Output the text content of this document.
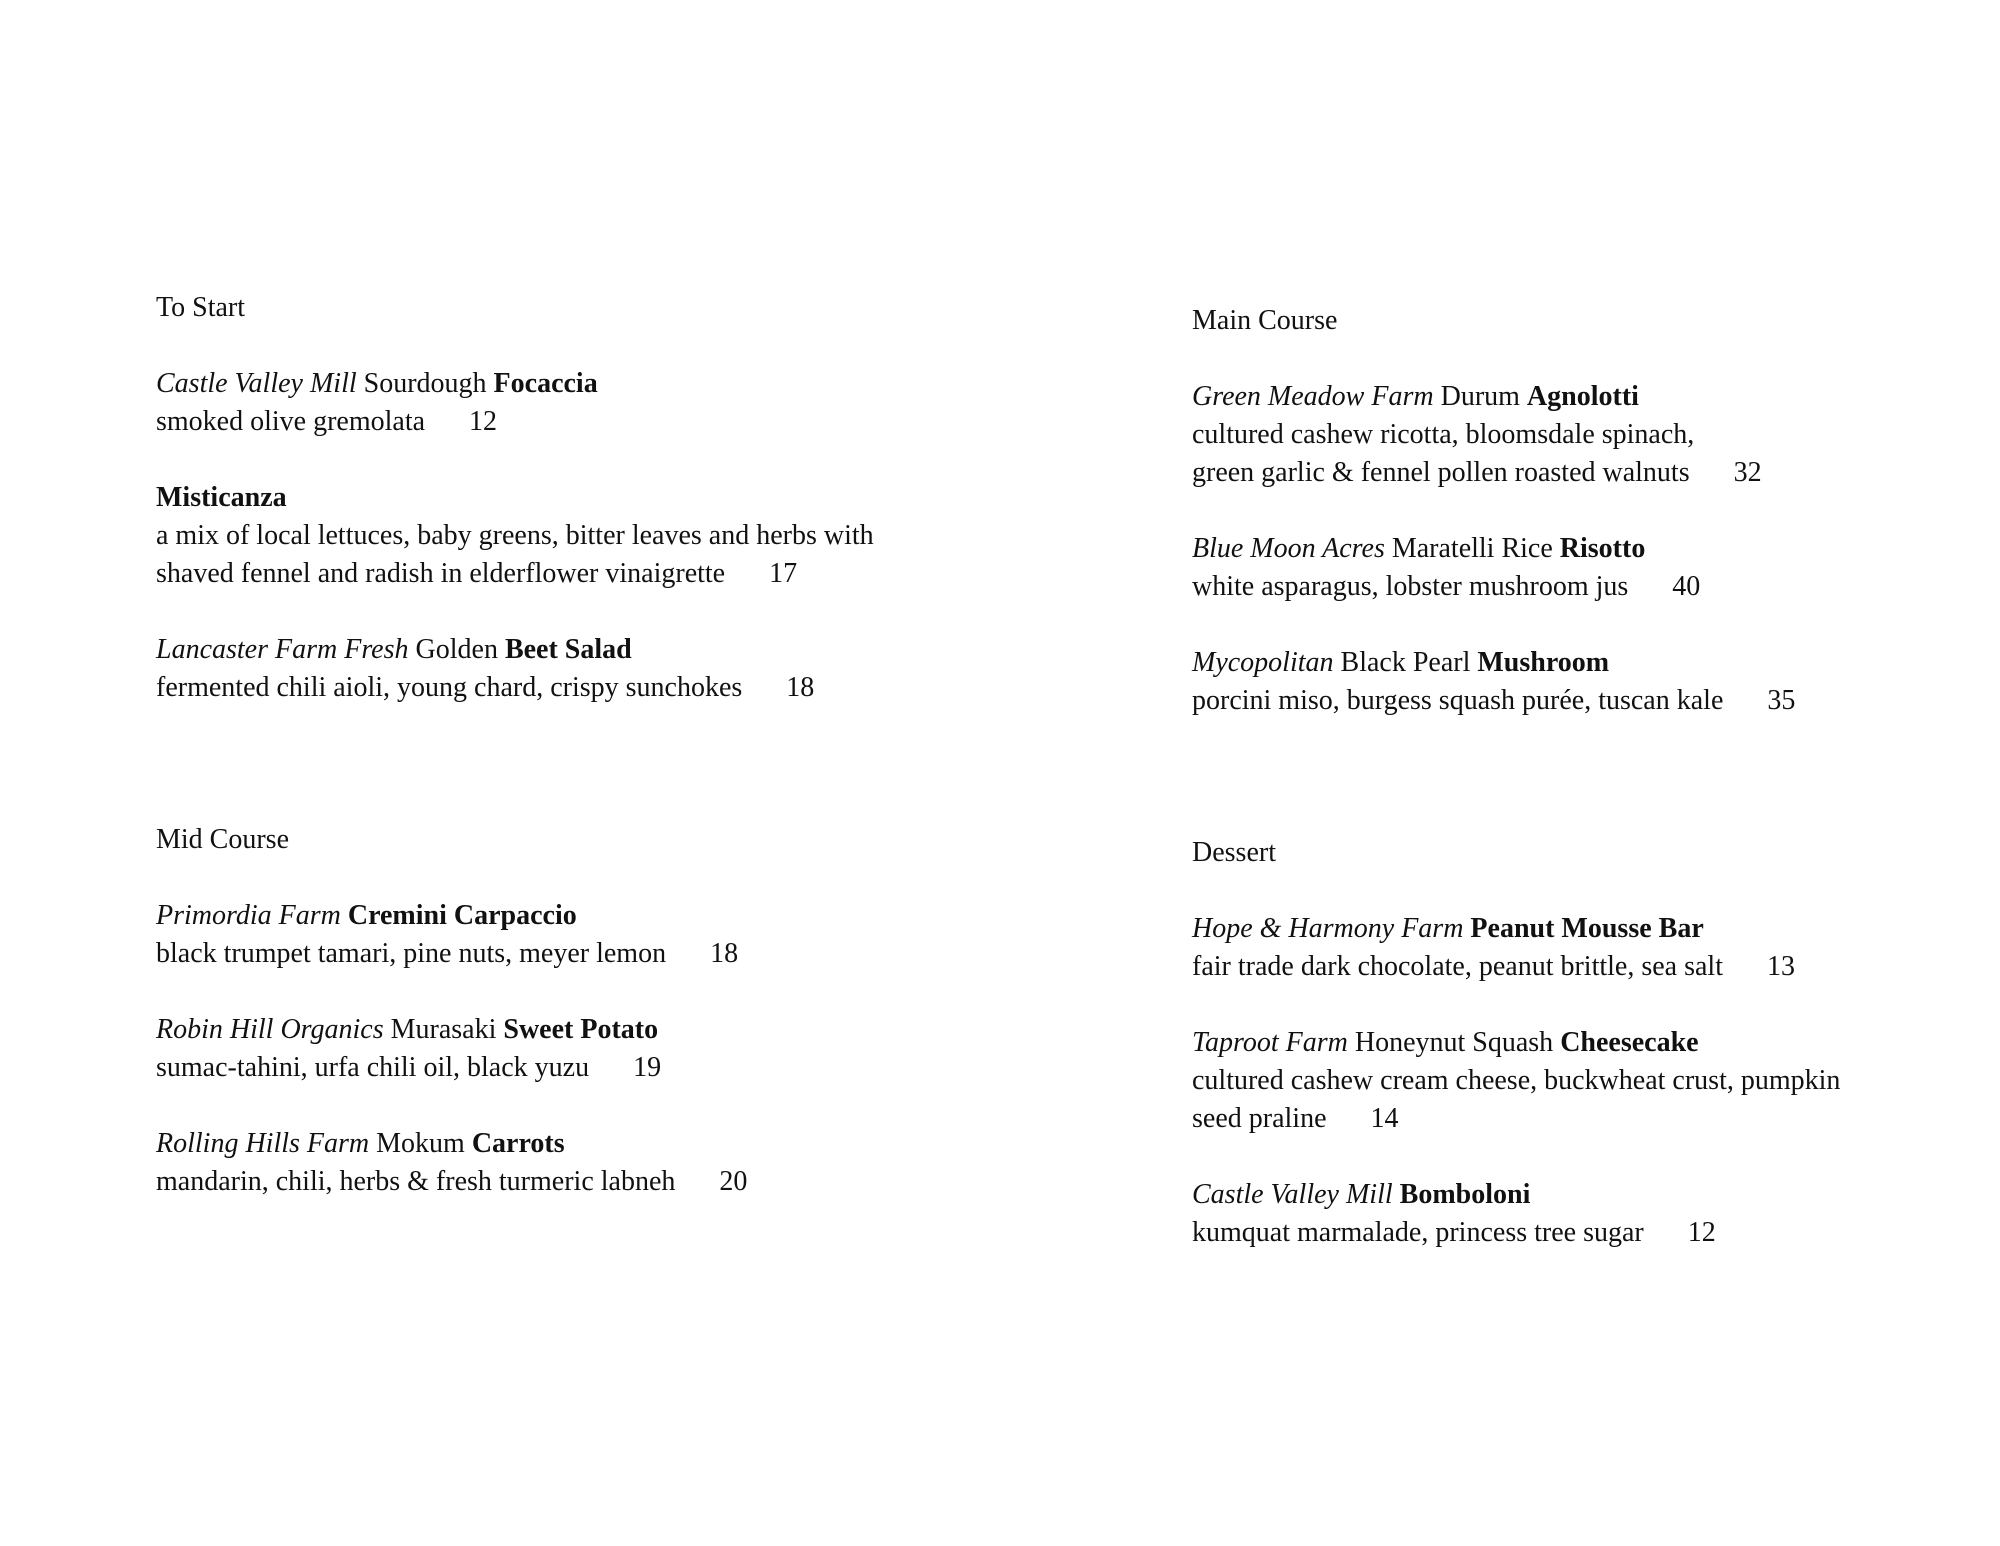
To Start
Castle Valley Mill Sourdough Focaccia
smoked olive gremolata 12
Misticanza
a mix of local lettuces, baby greens, bitter leaves and herbs with
shaved fennel and radish in elderflower vinaigrette 17
Lancaster Farm Fresh Golden Beet Salad
fermented chili aioli, young chard, crispy sunchokes 18
Mid Course
Primordia Farm Cremini Carpaccio
black trumpet tamari, pine nuts, meyer lemon 18
Robin Hill Organics Murasaki Sweet Potato
sumac-tahini, urfa chili oil, black yuzu 19
Rolling Hills Farm Mokum Carrots
mandarin, chili, herbs & fresh turmeric labneh 20
Main Course
Green Meadow Farm Durum Agnolotti
cultured cashew ricotta, bloomsdale spinach,
green garlic & fennel pollen roasted walnuts 32
Blue Moon Acres Maratelli Rice Risotto
white asparagus, lobster mushroom jus 40
Mycopolitan Black Pearl Mushroom
porcini miso, burgess squash purée, tuscan kale 35
Dessert
Hope & Harmony Farm Peanut Mousse Bar
fair trade dark chocolate, peanut brittle, sea salt 13
Taproot Farm Honeynut Squash Cheesecake
cultured cashew cream cheese, buckwheat crust, pumpkin
seed praline 14
Castle Valley Mill Bomboloni
kumquat marmalade, princess tree sugar 12
